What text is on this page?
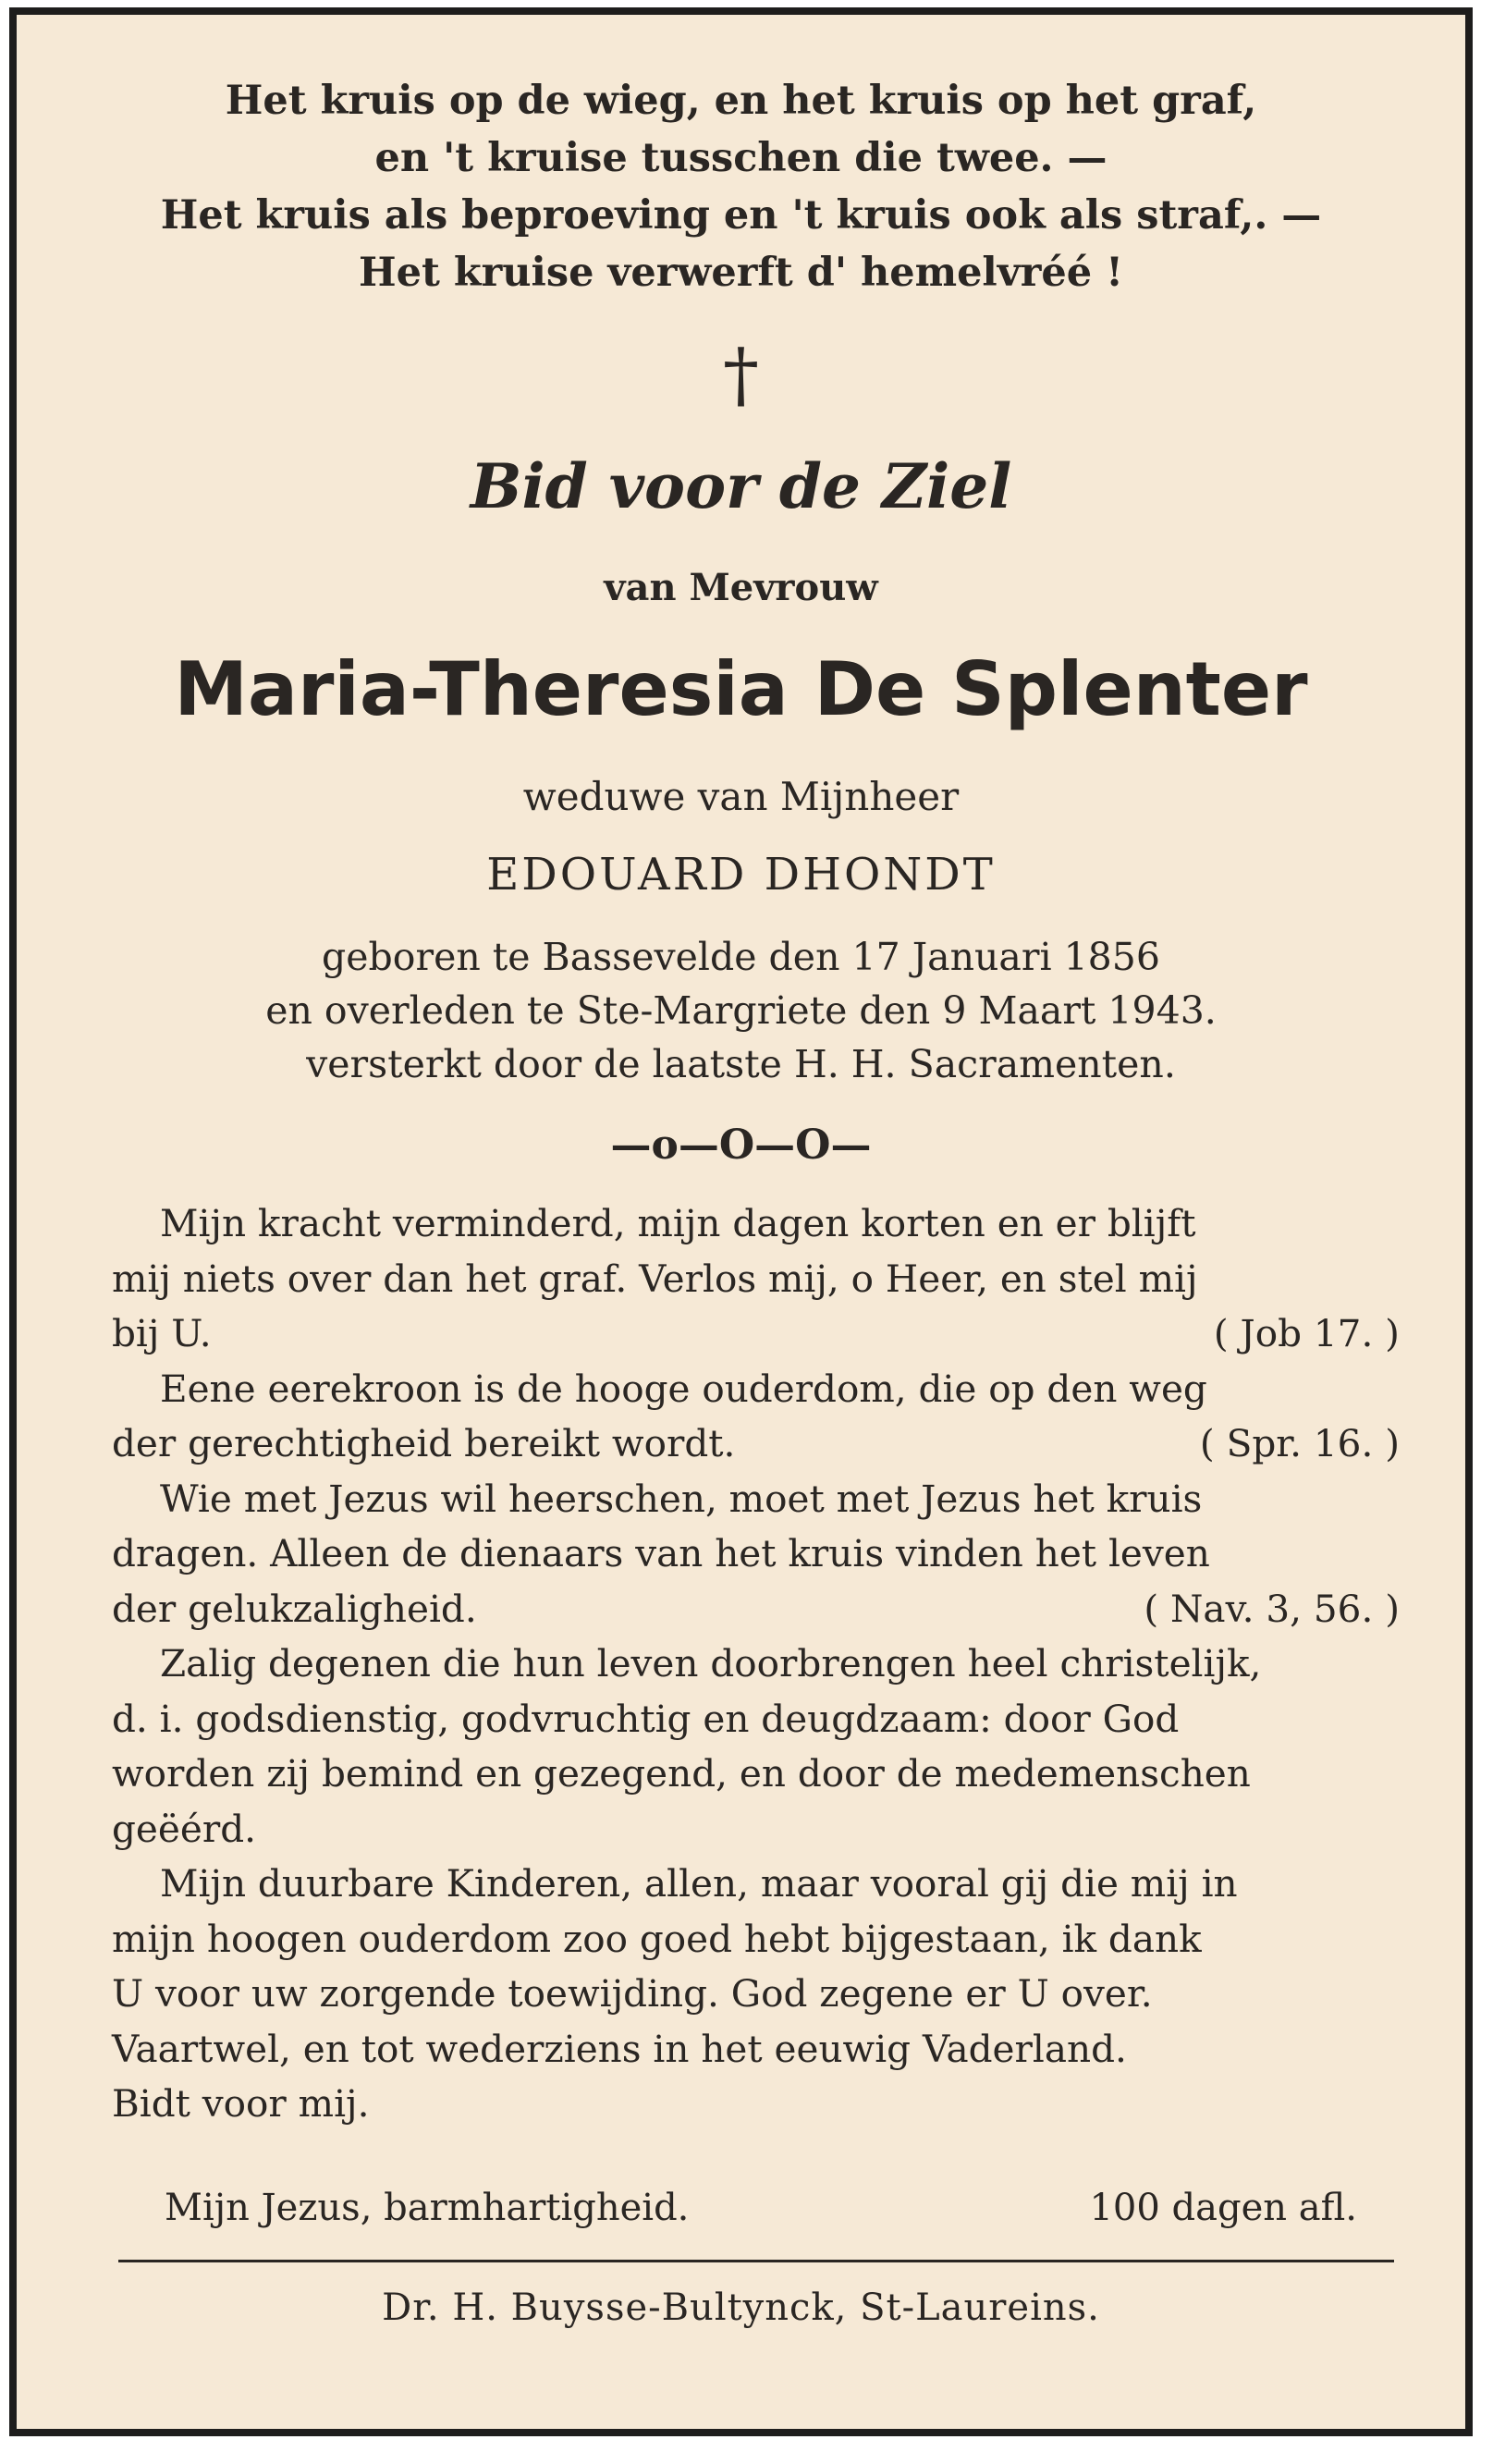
Het kruis op de wieg, en het kruis op het graf,
en 't kruise tusschen die twee. —
Het kruis als beproeving en 't kruis ook als straf,. —
Het kruise verwerft d' hemelvréé !
†
Bid voor de Ziel
van Mevrouw
Maria-Theresia De Splenter
weduwe van Mijnheer
EDOUARD DHONDT
geboren te Bassevelde den 17 Januari 1856
en overleden te Ste-Margriete den 9 Maart 1943.
versterkt door de laatste H. H. Sacramenten.
—o—O—O—
Mijn kracht verminderd, mijn dagen korten en er blijft
mij niets over dan het graf. Verlos mij, o Heer, en stel mij
bij U.	( Job 17. )
Eene eerekroon is de hooge ouderdom, die op den weg
der gerechtigheid bereikt wordt.	( Spr. 16. )
Wie met Jezus wil heerschen, moet met Jezus het kruis
dragen. Alleen de dienaars van het kruis vinden het leven
der gelukzaligheid.	( Nav. 3, 56. )
Zalig degenen die hun leven doorbrengen heel christelijk,
d. i. godsdienstig, godvruchtig en deugdzaam: door God
worden zij bemind en gezegend, en door de medemenschen
geëérd.
Mijn duurbare Kinderen, allen, maar vooral gij die mij in
mijn hoogen ouderdom zoo goed hebt bijgestaan, ik dank
U voor uw zorgende toewijding. God zegene er U over.
Vaartwel, en tot wederziens in het eeuwig Vaderland.
Bidt voor mij.
Mijn Jezus, barmhartigheid.	100 dagen afl.
Dr. H. Buysse-Bultynck, St-Laureins.
